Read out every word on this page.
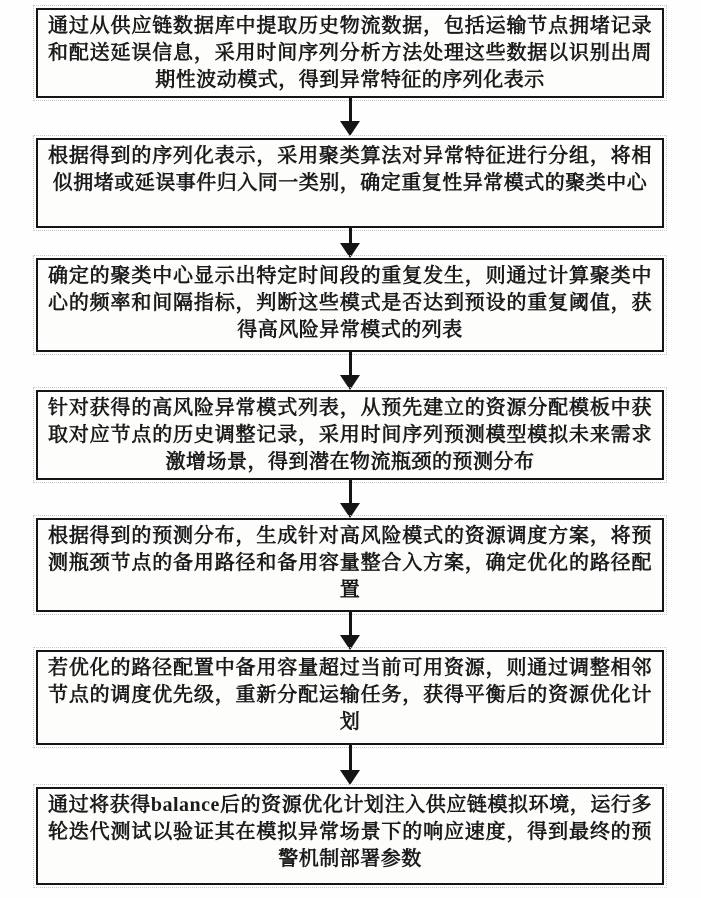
通过从供应链数据库中提取历史物流数据，包括运输节点拥堵记录和配送延误信息，采用时间序列分析方法处理这些数据以识别出周期性波动模式，得到异常特征的序列化表示
根据得到的序列化表示，采用聚类算法对异常特征进行分组，将相似拥堵或延误事件归入同一类别，确定重复性异常模式的聚类中心
确定的聚类中心显示出特定时间段的重复发生，则通过计算聚类中心的频率和间隔指标，判断这些模式是否达到预设的重复阈值，获得高风险异常模式的列表
针对获得的高风险异常模式列表，从预先建立的资源分配模板中获取对应节点的历史调整记录，采用时间序列预测模型模拟未来需求激增场景，得到潜在物流瓶颈的预测分布
根据得到的预测分布，生成针对高风险模式的资源调度方案，将预测瓶颈节点的备用路径和备用容量整合入方案，确定优化的路径配置
若优化的路径配置中备用容量超过当前可用资源，则通过调整相邻节点的调度优先级，重新分配运输任务，获得平衡后的资源优化计划
通过将获得balance后的资源优化计划注入供应链模拟环境，运行多轮迭代测试以验证其在模拟异常场景下的响应速度，得到最终的预警机制部署参数
